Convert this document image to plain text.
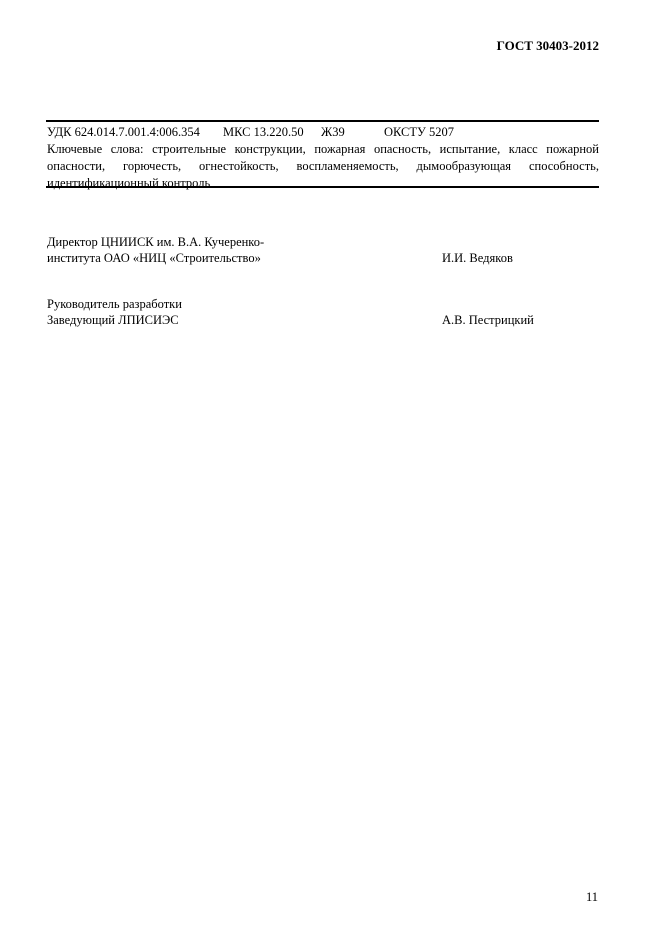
ГОСТ 30403-2012
УДК 624.014.7.001.4:006.354 МКС 13.220.50 Ж39	ОКСТУ 5207
Ключевые слова: строительные конструкции, пожарная опасность, испытание, класс пожарной опасности, горючесть, огнестойкость, воспламеняемость, дымообразующая способность, идентификационный контроль
Директор ЦНИИСК им. В.А. Кучеренко-
института ОАО «НИЦ «Строительство»	И.И. Ведяков
Руководитель разработки
Заведующий ЛПИСИЭС	А.В. Пестрицкий
11
